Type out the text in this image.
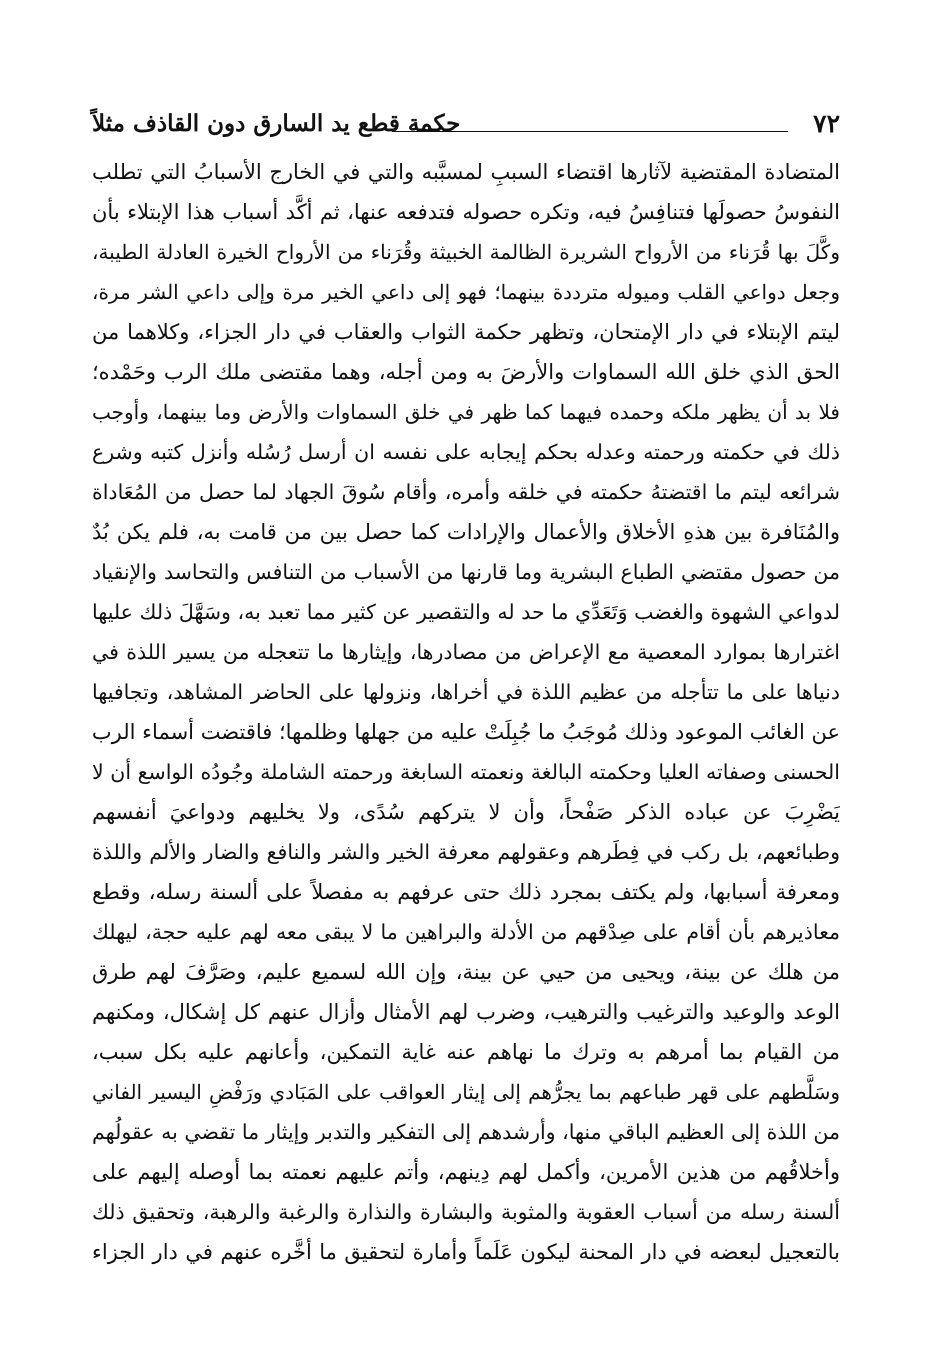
٧٢
حكمة قطع يد السارق دون القاذف مثلاً
المتضادة المقتضية لآثارها اقتضاء السببِ لمسبَّبه والتي في الخارج الأسبابُ التي تطلب
النفوسُ حصولَها فتنافِسُ فيه، وتكره حصوله فتدفعه عنها، ثم أكَّد أسباب هذا الإبتلاء بأن
وكَّلَ بها قُرَناء من الأرواح الشريرة الظالمة الخبيثة وقُرَناء من الأرواح الخيرة العادلة الطيبة،
وجعل دواعي القلب وميوله مترددة بينهما؛ فهو إلى داعي الخير مرة وإلى داعي الشر مرة،
ليتم الإبتلاء في دار الإمتحان، وتظهر حكمة الثواب والعقاب في دار الجزاء، وكلاهما من
الحق الذي خلق الله السماوات والأرضَ به ومن أجله، وهما مقتضى ملك الرب وحَمْده؛
فلا بد أن يظهر ملكه وحمده فيهما كما ظهر في خلق السماوات والأرض وما بينهما، وأوجب
ذلك في حكمته ورحمته وعدله بحكم إيجابه على نفسه ان أرسل رُسُله وأنزل كتبه وشرع
شرائعه ليتم ما اقتضتهُ حكمته في خلقه وأمره، وأقام سُوقَ الجهاد لما حصل من المُعَاداة
والمُنَافرة بين هذهِ الأخلاق والأعمال والإرادات كما حصل بين من قامت به، فلم يكن بُدٌ
من حصول مقتضي الطباع البشرية وما قارنها من الأسباب من التنافس والتحاسد والإنقياد
لدواعي الشهوة والغضب وَتَعَدِّي ما حد له والتقصير عن كثير مما تعبد به، وسَهَّلَ ذلك عليها
اغترارها بموارد المعصية مع الإعراض من مصادرها، وإيثارها ما تتعجله من يسير اللذة في
دنياها على ما تتأجله من عظيم اللذة في أخراها، ونزولها على الحاضر المشاهد، وتجافيها
عن الغائب الموعود وذلك مُوجَبُ ما جُبِلَتْ عليه من جهلها وظلمها؛ فاقتضت أسماء الرب
الحسنى وصفاته العليا وحكمته البالغة ونعمته السابغة ورحمته الشاملة وجُودُه الواسع أن لا
يَضْرِبَ عن عباده الذكر صَفْحاً، وأن لا يتركهم سُدًى، ولا يخليهم ودواعيَ أنفسهم
وطبائعهم، بل ركب في فِطَرهم وعقولهم معرفة الخير والشر والنافع والضار والألم واللذة
ومعرفة أسبابها، ولم يكتف بمجرد ذلك حتى عرفهم به مفصلاً على ألسنة رسله، وقطع
معاذيرهم بأن أقام على صِدْقهم من الأدلة والبراهين ما لا يبقى معه لهم عليه حجة، ليهلك
من هلك عن بينة، ويحيى من حيي عن بينة، وإن الله لسميع عليم، وصَرَّفَ لهم طرق
الوعد والوعيد والترغيب والترهيب، وضرب لهم الأمثال وأزال عنهم كل إشكال، ومكنهم
من القيام بما أمرهم به وترك ما نهاهم عنه غاية التمكين، وأعانهم عليه بكل سبب،
وسَلَّطهم على قهر طباعهم بما يجرُّهم إلى إيثار العواقب على المَبَادي ورَفْضِ اليسير الفاني
من اللذة إلى العظيم الباقي منها، وأرشدهم إلى التفكير والتدبر وإيثار ما تقضي به عقولُهم
وأخلاقُهم من هذين الأمرين، وأكمل لهم دِينهم، وأتم عليهم نعمته بما أوصله إليهم على
ألسنة رسله من أسباب العقوبة والمثوبة والبشارة والنذارة والرغبة والرهبة، وتحقيق ذلك
بالتعجيل لبعضه في دار المحنة ليكون عَلَماً وأمارة لتحقيق ما أخَّره عنهم في دار الجزاء
